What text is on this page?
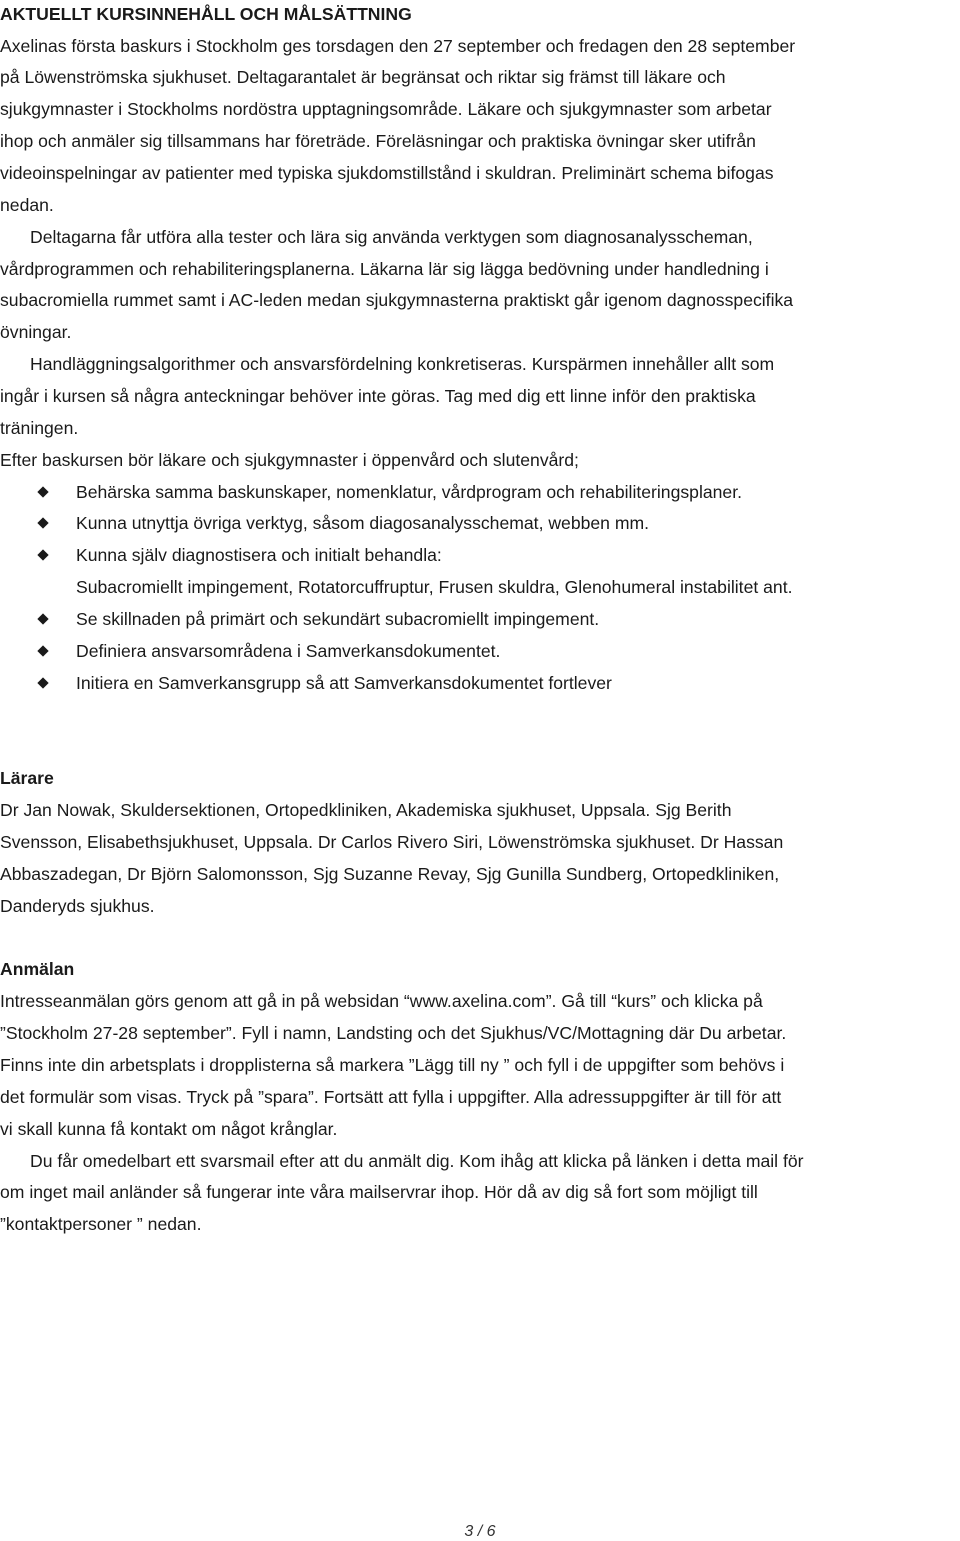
AKTUELLT KURSINNEHÅLL OCH MÅLSÄTTNING
Axelinas första baskurs i Stockholm ges torsdagen den 27 september och fredagen den 28 september
på Löwenströmska sjukhuset. Deltagarantalet är begränsat och riktar sig främst till läkare och
sjukgymnaster i Stockholms nordöstra upptagningsområde. Läkare och sjukgymnaster som arbetar
ihop och anmäler sig tillsammans har företräde. Föreläsningar och praktiska övningar sker utifrån
videoinspelningar av patienter med typiska sjukdomstillstånd i skuldran. Preliminärt schema bifogas
nedan.
Deltagarna får utföra alla tester och lära sig använda verktygen som diagnosanalysscheman,
vårdprogrammen och rehabiliteringsplanerna. Läkarna lär sig lägga bedövning under handledning i
subacromiella rummet samt i AC-leden medan sjukgymnasterna praktiskt går igenom dagnosspecifika
övningar.
Handläggningsalgorithmer och ansvarsfördelning konkretiseras. Kurspärmen innehåller allt som
ingår i kursen så några anteckningar behöver inte göras. Tag med dig ett linne inför den praktiska
träningen.
Efter baskursen bör läkare och sjukgymnaster i öppenvård och slutenvård;
Behärska samma baskunskaper, nomenklatur, vårdprogram och rehabiliteringsplaner.
Kunna utnyttja övriga verktyg, såsom diagosanalysschemat, webben mm.
Kunna själv diagnostisera och initialt behandla:
Subacromiellt impingement, Rotatorcuffruptur, Frusen skuldra, Glenohumeral instabilitet ant.
Se skillnaden på primärt och sekundärt subacromiellt impingement.
Definiera ansvarsområdena i Samverkansdokumentet.
Initiera en Samverkansgrupp så att Samverkansdokumentet fortlever
Lärare
Dr Jan Nowak, Skuldersektionen, Ortopedkliniken, Akademiska sjukhuset, Uppsala. Sjg Berith
Svensson, Elisabethsjukhuset, Uppsala. Dr Carlos Rivero Siri, Löwenströmska sjukhuset. Dr Hassan
Abbaszadegan, Dr Björn Salomonsson, Sjg Suzanne Revay, Sjg Gunilla Sundberg, Ortopedkliniken,
Danderyds sjukhus.
Anmälan
Intresseanmälan görs genom att gå in på websidan “www.axelina.com”. Gå till “kurs” och klicka på
”Stockholm 27-28 september”. Fyll i namn, Landsting och det Sjukhus/VC/Mottagning där Du arbetar.
Finns inte din arbetsplats i dropplisterna så markera ”Lägg till ny ” och fyll i de uppgifter som behövs i
det formulär som visas. Tryck på ”spara”. Fortsätt att fylla i uppgifter. Alla adressuppgifter är till för att
vi skall kunna få kontakt om något krånglar.
Du får omedelbart ett svarsmail efter att du anmält dig. Kom ihåg att klicka på länken i detta mail för
om inget mail anländer så fungerar inte våra mailservrar ihop. Hör då av dig så fort som möjligt till
”kontaktpersoner ” nedan.
3 / 6
